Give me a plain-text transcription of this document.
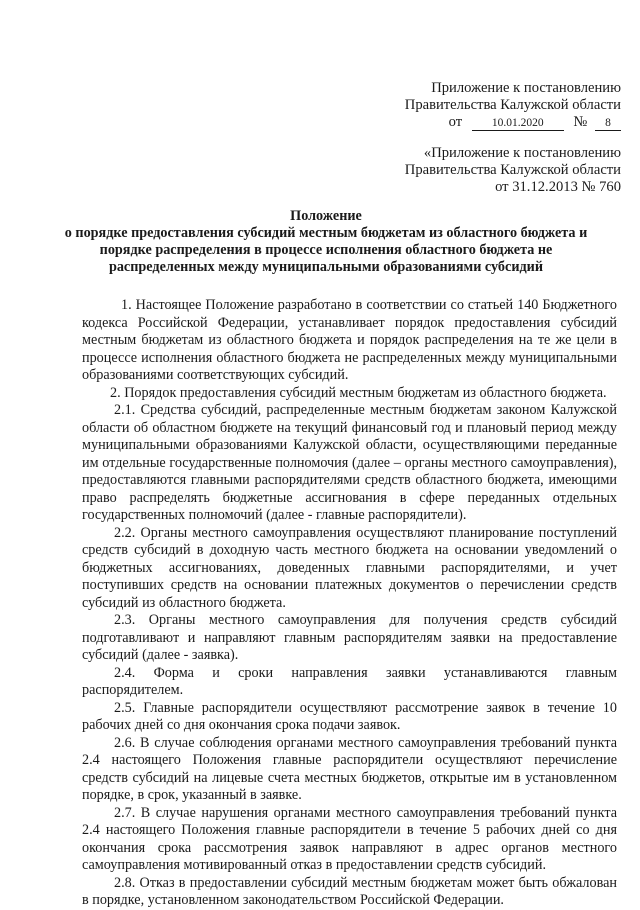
Приложение к постановлению
Правительства Калужской области
от	10.01.2020 № 8
«Приложение к постановлению
Правительства Калужской области
от 31.12.2013 № 760
Положение
о порядке предоставления субсидий местным бюджетам из областного бюджета и
порядке распределения в процессе исполнения областного бюджета не
распределенных между муниципальными образованиями субсидий

1. Настоящее Положение разработано в соответствии со статьей 140 Бюджетного кодекса Российской Федерации, устанавливает порядок предоставления субсидий местным бюджетам из областного бюджета и порядок распределения на те же цели в процессе исполнения областного бюджета не распределенных между муниципальными образованиями соответствующих субсидий.

2. Порядок предоставления субсидий местным бюджетам из областного бюджета.

2.1. Средства субсидий, распределенные местным бюджетам законом Калужской области об областном бюджете на текущий финансовый год и плановый период между муниципальными образованиями Калужской области, осуществляющими переданные им отдельные государственные полномочия (далее – органы местного самоуправления), предоставляются главными распорядителями средств областного бюджета, имеющими право распределять бюджетные ассигнования в сфере переданных отдельных государственных полномочий (далее - главные распорядители).

2.2. Органы местного самоуправления осуществляют планирование поступлений средств субсидий в доходную часть местного бюджета на основании уведомлений о бюджетных ассигнованиях, доведенных главными распорядителями, и учет поступивших средств на основании платежных документов о перечислении средств субсидий из областного бюджета.

2.3. Органы местного самоуправления для получения средств субсидий подготавливают и направляют главным распорядителям заявки на предоставление субсидий (далее - заявка).

2.4. Форма и сроки направления заявки устанавливаются главным распорядителем.

2.5. Главные распорядители осуществляют рассмотрение заявок в течение 10 рабочих дней со дня окончания срока подачи заявок.

2.6. В случае соблюдения органами местного самоуправления требований пункта 2.4 настоящего Положения главные распорядители осуществляют перечисление средств субсидий на лицевые счета местных бюджетов, открытые им в установленном порядке, в срок, указанный в заявке.

2.7. В случае нарушения органами местного самоуправления требований пункта 2.4 настоящего Положения главные распорядители в течение 5 рабочих дней со дня окончания срока рассмотрения заявок направляют в адрес органов местного самоуправления мотивированный отказ в предоставлении средств субсидий.

2.8. Отказ в предоставлении субсидий местным бюджетам может быть обжалован в порядке, установленном законодательством Российской Федерации.
